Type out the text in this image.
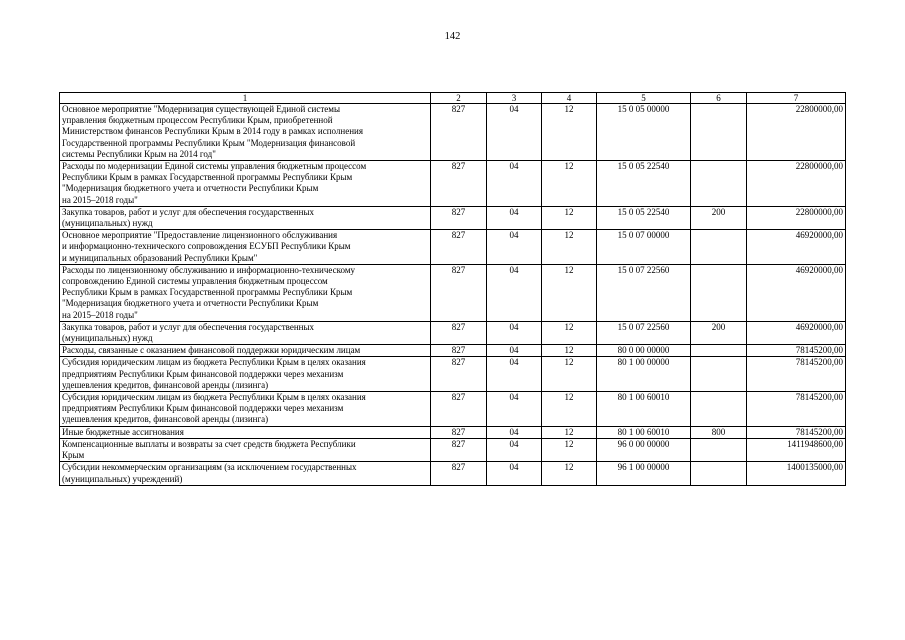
142
1	2	3	4	5	6	7

Основное мероприятие "Модернизация существующей Единой системы
управления бюджетным процессом Республики Крым, приобретенной
Министерством финансов Республики Крым в 2014 году в рамках исполнения
Государственной программы Республики Крым "Модернизация финансовой
системы Республики Крым на 2014 год"	827	04	12	15 0 05 00000		22800000,00

Расходы по модернизации Единой системы управления бюджетным процессом
Республики Крым в рамках Государственной программы Республики Крым
"Модернизация бюджетного учета и отчетности Республики Крым
на 2015–2018 годы"	827	04	12	15 0 05 22540		22800000,00

Закупка товаров, работ и услуг для обеспечения государственных
(муниципальных) нужд	827	04	12	15 0 05 22540	200	22800000,00

Основное мероприятие "Предоставление лицензионного обслуживания
и информационно-технического сопровождения ЕСУБП Республики Крым
и муниципальных образований Республики Крым"	827	04	12	15 0 07 00000		46920000,00

Расходы по лицензионному обслуживанию и информационно-техническому
сопровождению Единой системы управления бюджетным процессом
Республики Крым в рамках Государственной программы Республики Крым
"Модернизация бюджетного учета и отчетности Республики Крым
на 2015–2018 годы"	827	04	12	15 0 07 22560		46920000,00

Закупка товаров, работ и услуг для обеспечения государственных
(муниципальных) нужд	827	04	12	15 0 07 22560	200	46920000,00

Расходы, связанные с оказанием финансовой поддержки юридическим лицам	827	04	12	80 0 00 00000		78145200,00

Субсидия юридическим лицам из бюджета Республики Крым в целях оказания
предприятиям Республики Крым финансовой поддержки через механизм
удешевления кредитов, финансовой аренды (лизинга)	827	04	12	80 1 00 00000		78145200,00

Субсидия юридическим лицам из бюджета Республики Крым в целях оказания
предприятиям Республики Крым финансовой поддержки через механизм
удешевления кредитов, финансовой аренды (лизинга)	827	04	12	80 1 00 60010		78145200,00

Иные бюджетные ассигнования	827	04	12	80 1 00 60010	800	78145200,00

Компенсационные выплаты и возвраты за счет средств бюджета Республики
Крым	827	04	12	96 0 00 00000		1411948600,00

Субсидии некоммерческим организациям (за исключением государственных
(муниципальных) учреждений)	827	04	12	96 1 00 00000		1400135000,00
